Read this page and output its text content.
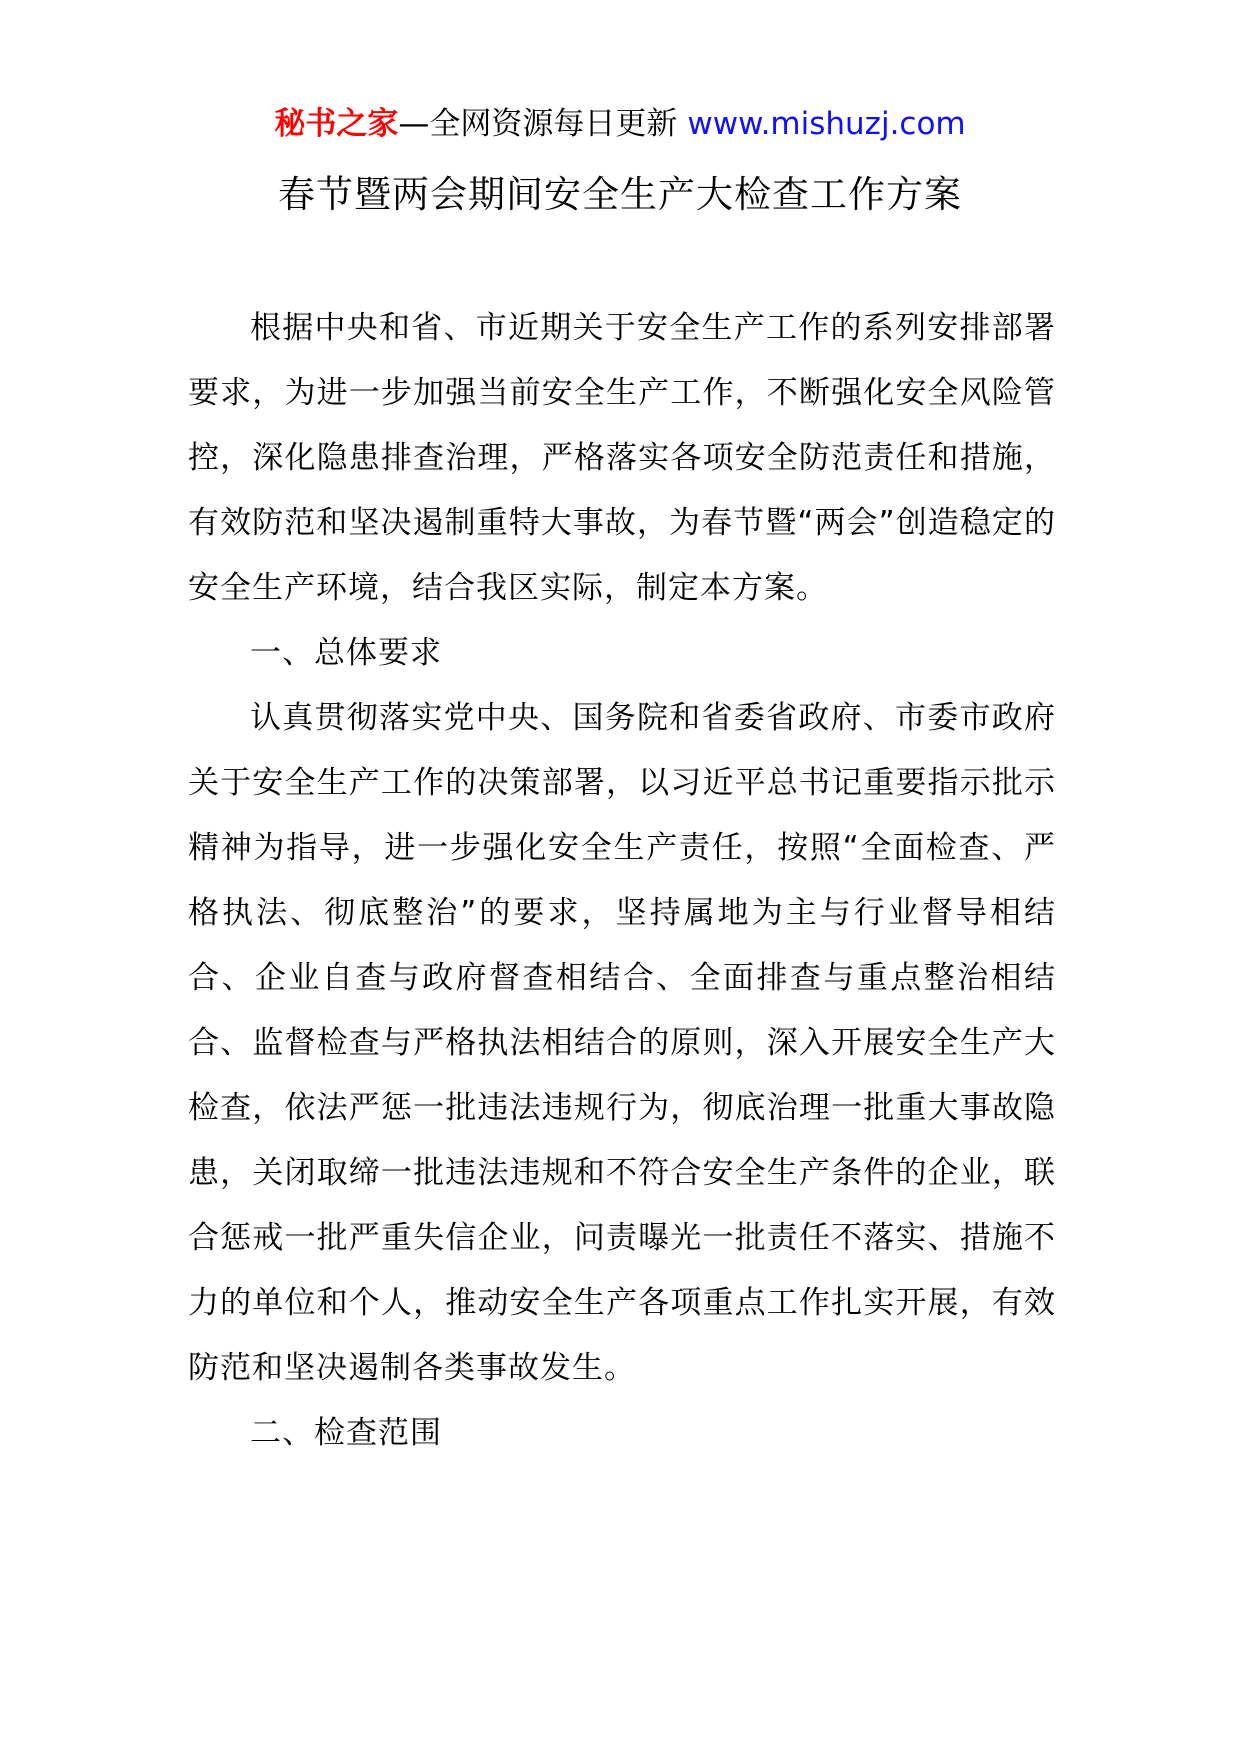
秘书之家—全网资源每日更新 www.mishuzj.com
春节暨两会期间安全生产大检查工作方案

根据中央和省、市近期关于安全生产工作的系列安排部署要求，为进一步加强当前安全生产工作，不断强化安全风险管控，深化隐患排查治理，严格落实各项安全防范责任和措施，有效防范和坚决遏制重特大事故，为春节暨“两会”创造稳定的安全生产环境，结合我区实际，制定本方案。

一、总体要求

认真贯彻落实党中央、国务院和省委省政府、市委市政府关于安全生产工作的决策部署，以习近平总书记重要指示批示精神为指导，进一步强化安全生产责任，按照“全面检查、严格执法、彻底整治”的要求，坚持属地为主与行业督导相结合、企业自查与政府督查相结合、全面排查与重点整治相结合、监督检查与严格执法相结合的原则，深入开展安全生产大检查，依法严惩一批违法违规行为，彻底治理一批重大事故隐患，关闭取缔一批违法违规和不符合安全生产条件的企业，联合惩戒一批严重失信企业，问责曝光一批责任不落实、措施不力的单位和个人，推动安全生产各项重点工作扎实开展，有效防范和坚决遏制各类事故发生。

二、检查范围
